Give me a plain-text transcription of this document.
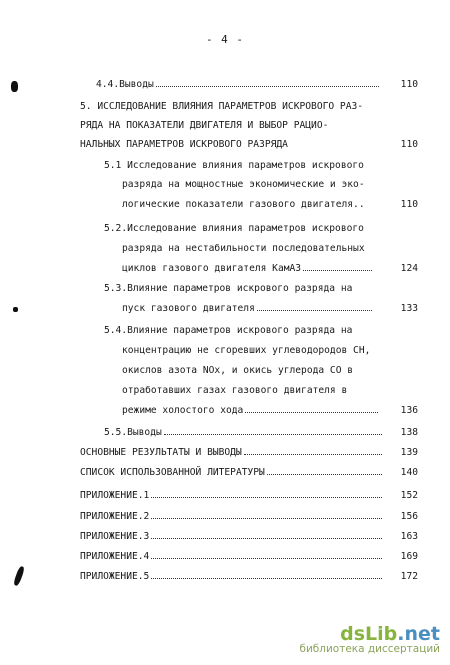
- 4 -
4.4.Выводы	110
5. ИССЛЕДОВАНИЕ ВЛИЯНИЯ ПАРАМЕТРОВ ИСКРОВОГО РАЗ-
РЯДА НА ПОКАЗАТЕЛИ ДВИГАТЕЛЯ И ВЫБОР РАЦИО-
НАЛЬНЫХ ПАРАМЕТРОВ ИСКРОВОГО РАЗРЯДА	110
5.1 Исследование влияния параметров искрового
разряда на мощностные экономические и эко-
логические показатели газового двигателя..	110
5.2.Исследование влияния параметров искрового
разряда на нестабильности последовательных
циклов газового двигателя КамАЗ	124
5.3.Влияние параметров искрового разряда на
пуск газового двигателя	133
5.4.Влияние параметров искрового разряда на
концентрацию не сгоревших углеводородов СН,
окислов азота NOx, и окись углерода СО в
отработавших газах газового двигателя в
режиме холостого хода	136
5.5.Выводы	138
ОСНОВНЫЕ РЕЗУЛЬТАТЫ И ВЫВОДЫ	139
СПИСОК ИСПОЛЬЗОВАННОЙ ЛИТЕРАТУРЫ	140
ПРИЛОЖЕНИЕ.1	152
ПРИЛОЖЕНИЕ.2	156
ПРИЛОЖЕНИЕ.3	163
ПРИЛОЖЕНИЕ.4	169
ПРИЛОЖЕНИЕ.5	172
dsLib .net
библиотека диссертаций
